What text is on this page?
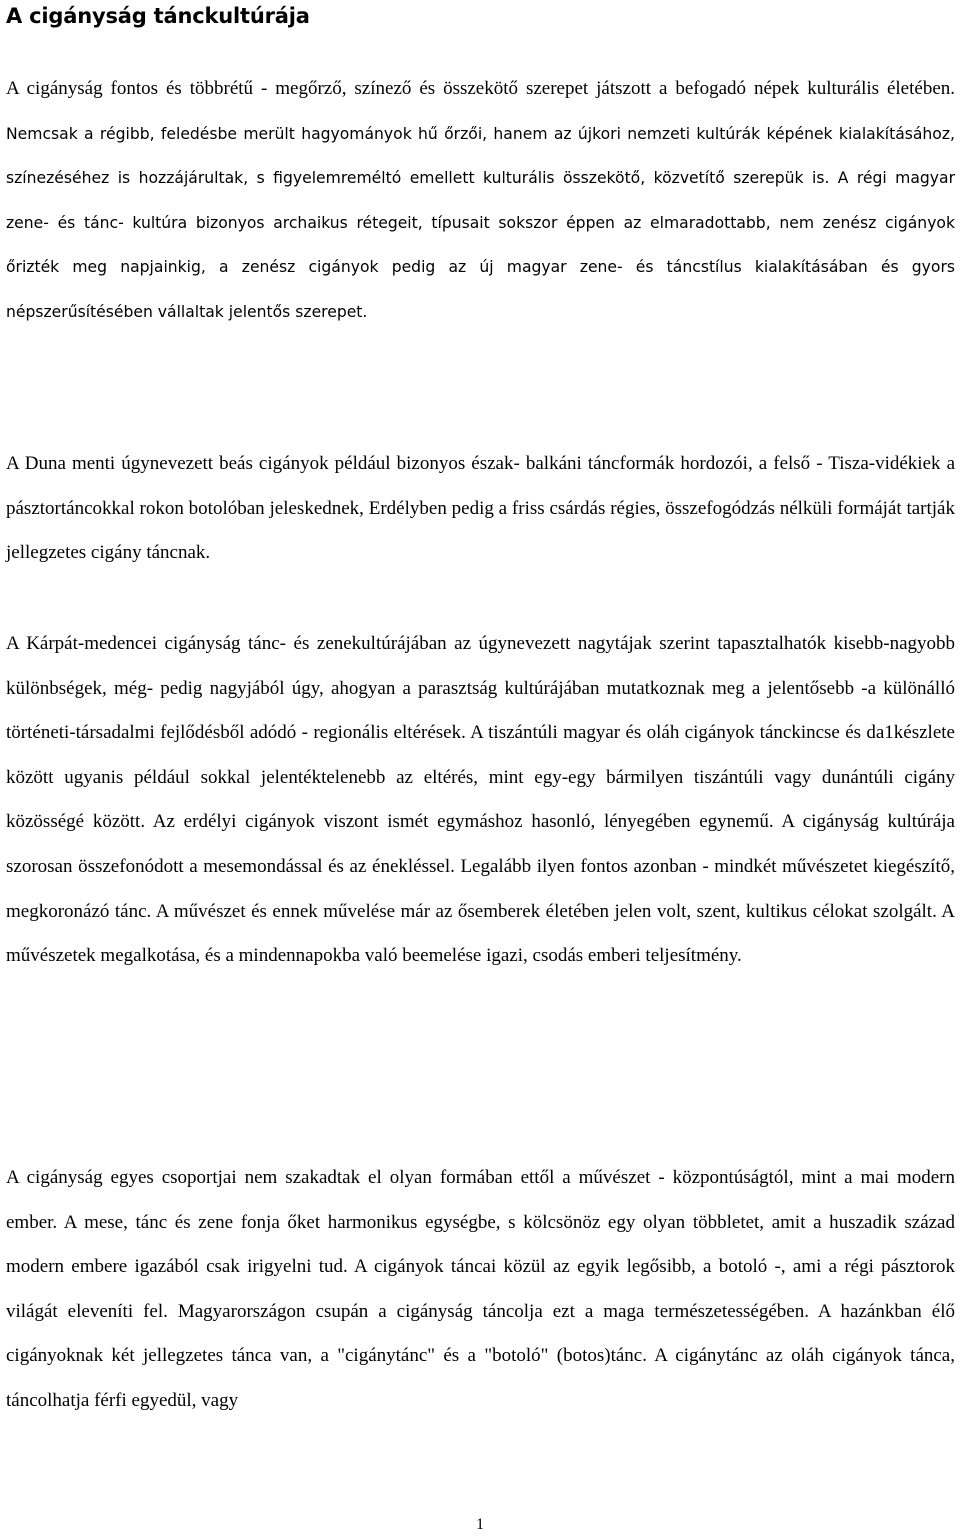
A cigányság tánckultúrája

A cigányság fontos és többrétű - megőrző, színező és összekötő szerepet játszott a befogadó népek kulturális életében. Nemcsak a régibb, feledésbe merült hagyományok hű őrzői, hanem az újkori nemzeti kultúrák képének kialakításához, színezéséhez is hozzájárultak, s figyelemreméltó emellett kulturális összekötő, közvetítő szerepük is. A régi magyar zene- és tánc- kultúra bizonyos archaikus rétegeit, típusait sokszor éppen az elmaradottabb, nem zenész cigányok őrizték meg napjainkig, a zenész cigányok pedig az új magyar zene- és táncstílus kialakításában és gyors népszerűsítésében vállaltak jelentős szerepet.

A Duna menti úgynevezett beás cigányok például bizonyos észak- balkáni táncformák hordozói, a felső - Tisza-vidékiek a pásztortáncokkal rokon botolóban jeleskednek, Erdélyben pedig a friss csárdás régies, összefogódzás nélküli formáját tartják jellegzetes cigány táncnak.

A Kárpát-medencei cigányság tánc- és zenekultúrájában az úgynevezett nagytájak szerint tapasztalhatók kisebb-nagyobb különbségek, még- pedig nagyjából úgy, ahogyan a parasztság kultúrájában mutatkoznak meg a jelentősebb -a különálló történeti-társadalmi fejlődésből adódó - regionális eltérések. A tiszántúli magyar és oláh cigányok tánckincse és da1készlete között ugyanis például sokkal jelentéktelenebb az eltérés, mint egy-egy bármilyen tiszántúli vagy dunántúli cigány közösségé között. Az erdélyi cigányok viszont ismét egymáshoz hasonló, lényegében egynemű. A cigányság kultúrája szorosan összefonódott a mesemondással és az énekléssel. Legalább ilyen fontos azonban - mindkét művészetet kiegészítő, megkoronázó tánc. A művészet és ennek művelése már az ősemberek életében jelen volt, szent, kultikus célokat szolgált. A művészetek megalkotása, és a mindennapokba való beemelése igazi, csodás emberi teljesítmény.

A cigányság egyes csoportjai nem szakadtak el olyan formában ettől a művészet - központúságtól, mint a mai modern ember. A mese, tánc és zene fonja őket harmonikus egységbe, s kölcsönöz egy olyan többletet, amit a huszadik század modern embere igazából csak irigyelni tud. A cigányok táncai közül az egyik legősibb, a botoló -, ami a régi pásztorok világát eleveníti fel. Magyarországon csupán a cigányság táncolja ezt a maga természetességében. A hazánkban élő cigányoknak két jellegzetes tánca van, a "cigánytánc" és a "botoló" (botos)tánc. A cigánytánc az oláh cigányok tánca, táncolhatja férfi egyedül, vagy

1
